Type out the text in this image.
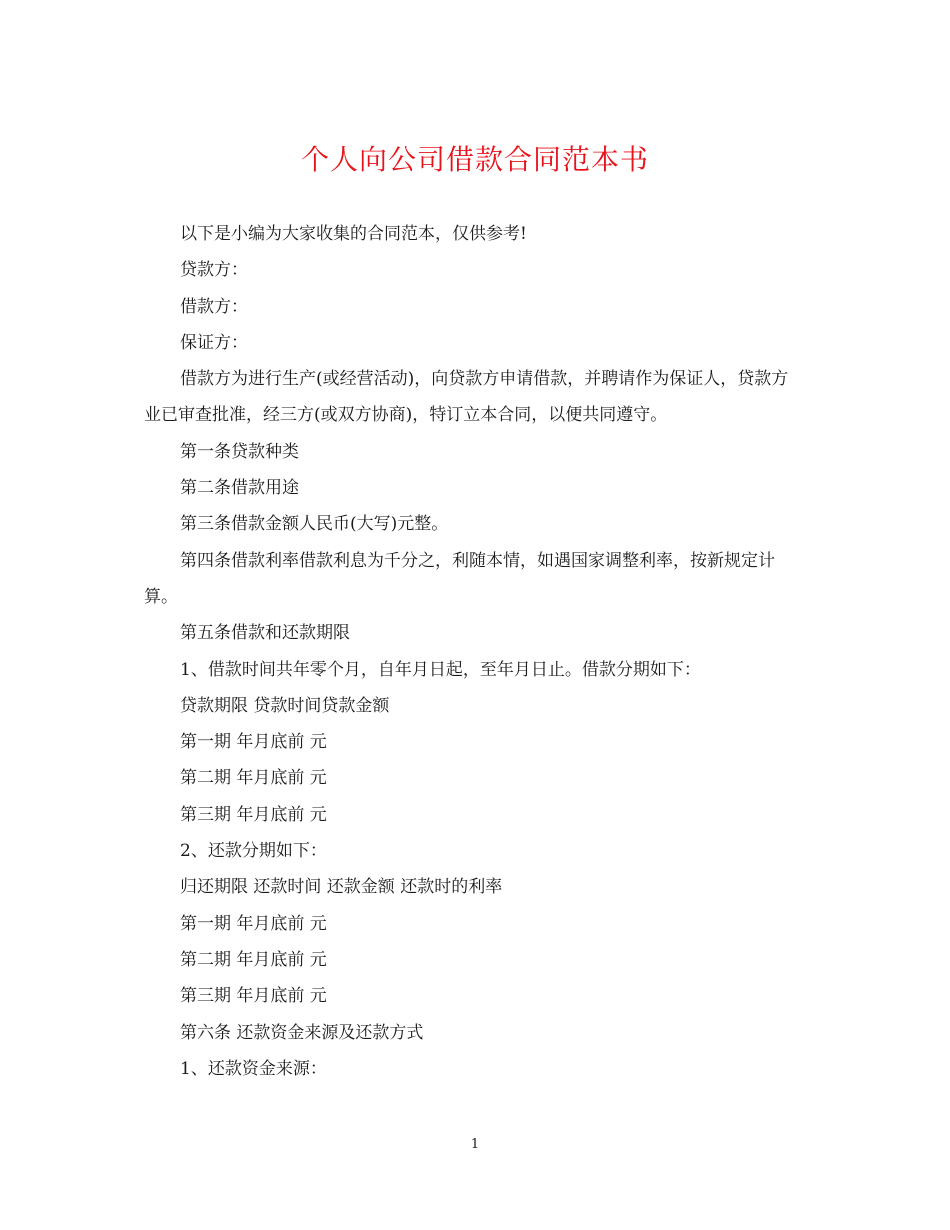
个人向公司借款合同范本书

以下是小编为大家收集的合同范本，仅供参考!

贷款方：

借款方：

保证方：

借款方为进行生产(或经营活动)，向贷款方申请借款，并聘请作为保证人，贷款方业已审查批准，经三方(或双方协商)，特订立本合同，以便共同遵守。

第一条贷款种类

第二条借款用途

第三条借款金额人民币(大写)元整。

第四条借款利率借款利息为千分之，利随本情，如遇国家调整利率，按新规定计算。

第五条借款和还款期限

1、借款时间共年零个月，自年月日起，至年月日止。借款分期如下：

贷款期限 贷款时间贷款金额

第一期 年月底前 元

第二期 年月底前 元

第三期 年月底前 元

2、还款分期如下：

归还期限 还款时间 还款金额 还款时的利率

第一期 年月底前 元

第二期 年月底前 元

第三期 年月底前 元

第六条 还款资金来源及还款方式

1、还款资金来源：

1
